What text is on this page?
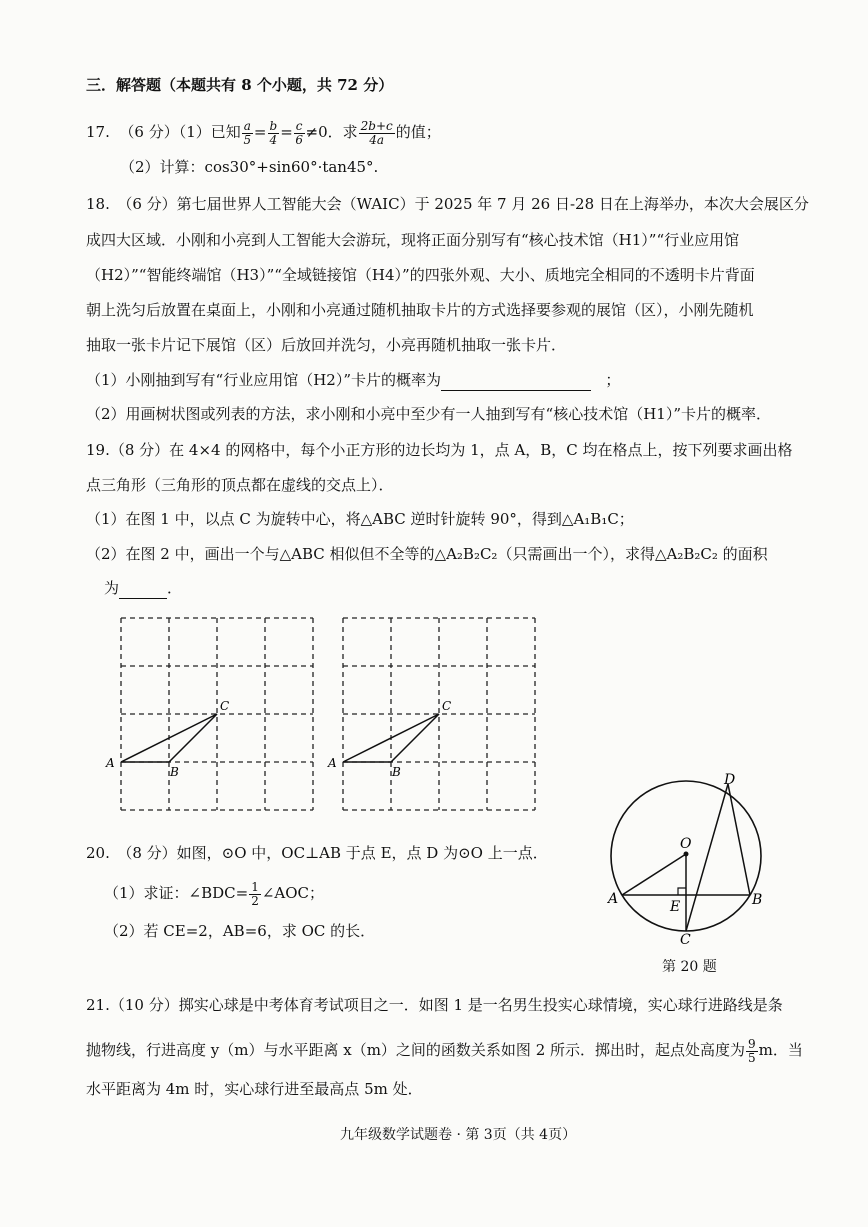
三．解答题（本题共有 8 个小题，共 72 分）
17. （6 分）（1）已知 $\frac{a}{5} = \frac{b}{4} = \frac{c}{6} \ne 0$．求 $\frac{2b+c}{4a}$ 的值；
（2）计算：cos30°+sin60°·tan45°.
18.　（6 分）第七届世界人工智能大会（WAIC）于 2025 年 7 月 26 日-28 日在上海举办，本次大会展区分
成四大区域．小刚和小亮到人工智能大会游玩，现将正面分别写有“核心技术馆（H1）”“行业应用馆
（H2）”“智能终端馆（H3）”“全域链接馆（H4）”的四张外观、大小、质地完全相同的不透明卡片背面
朝上洗匀后放置在桌面上，小刚和小亮通过随机抽取卡片的方式选择要参观的展馆（区），小刚先随机
抽取一张卡片记下展馆（区）后放回并洗匀，小亮再随机抽取一张卡片．
（1）小刚抽到写有“行业应用馆（H2）”卡片的概率为	；
（2）用画树状图或列表的方法，求小刚和小亮中至少有一人抽到写有“核心技术馆（H1）”卡片的概率．
19.（8 分）在 4×4 的网格中，每个小正方形的边长均为 1，点 A，B，C 均在格点上，按下列要求画出格
点三角形（三角形的顶点都在虚线的交点上）．
（1）在图 1 中，以点 C 为旋转中心，将△ABC 逆时针旋转 90°，得到△A₁B₁C；
（2）在图 2 中，画出一个与△ABC 相似但不全等的△A₂B₂C₂（只需画出一个），求得△A₂B₂C₂ 的面积
为	．
A
B
C
A
B
C
20.　（8 分）如图，⊙O 中，OC⊥AB 于点 E，点 D 为⊙O 上一点．
（1）求证：∠BDC= $\frac{1}{2}$ ∠AOC；
（2）若 CE=2，AB=6，求 OC 的长．
O
A	B
C
D
E
第 20 题
21.（10 分）掷实心球是中考体育考试项目之一．如图 1 是一名男生投实心球情境，实心球行进路线是条
抛物线，行进高度 y（m）与水平距离 x（m）之间的函数关系如图 2 所示．掷出时，起点处高度为 $\frac{9}{5}$ m．当
水平距离为 4m 时，实心球行进至最高点 5m 处．
九年级数学试题卷 · 第 3页（共 4页）
